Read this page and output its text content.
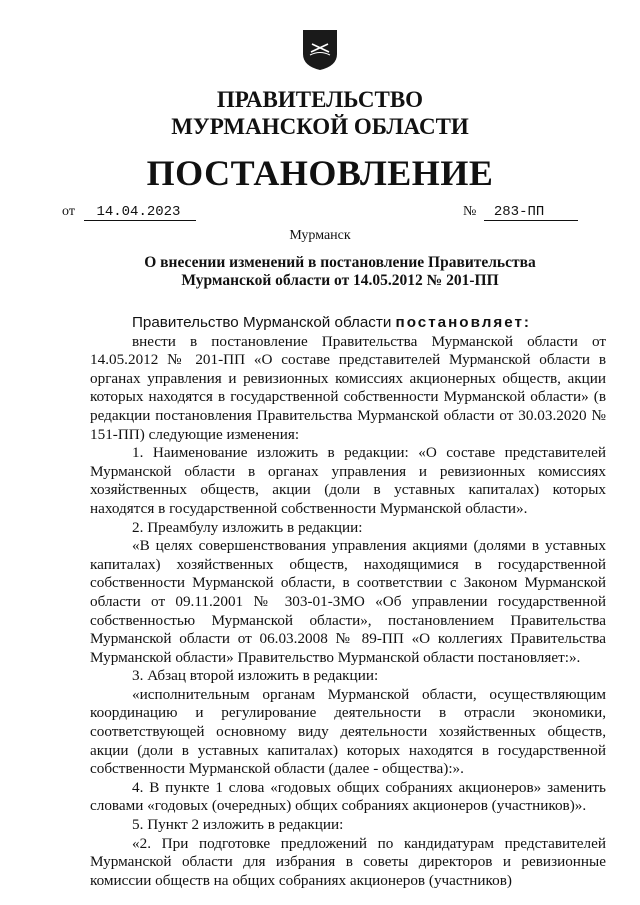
ПРАВИТЕЛЬСТВО
МУРМАНСКОЙ ОБЛАСТИ
ПОСТАНОВЛЕНИЕ
от 14.04.2023	№ 283-ПП
Мурманск
О внесении изменений в постановление Правительства
Мурманской области от 14.05.2012 № 201-ПП

Правительство Мурманской области постановляет:

внести в постановление Правительства Мурманской области от 14.05.2012 № 201-ПП «О составе представителей Мурманской области в органах управления и ревизионных комиссиях акционерных обществ, акции которых находятся в государственной собственности Мурманской области» (в редакции постановления Правительства Мурманской области от 30.03.2020 № 151-ПП) следующие изменения:

1. Наименование изложить в редакции: «О составе представителей Мурманской области в органах управления и ревизионных комиссиях хозяйственных обществ, акции (доли в уставных капиталах) которых находятся в государственной собственности Мурманской области».

2. Преамбулу изложить в редакции:

«В целях совершенствования управления акциями (долями в уставных капиталах) хозяйственных обществ, находящимися в государственной собственности Мурманской области, в соответствии с Законом Мурманской области от 09.11.2001 № 303-01-ЗМО «Об управлении государственной собственностью Мурманской области», постановлением Правительства Мурманской области от 06.03.2008 № 89-ПП «О коллегиях Правительства Мурманской области» Правительство Мурманской области постановляет:».

3. Абзац второй изложить в редакции:

«исполнительным органам Мурманской области, осуществляющим координацию и регулирование деятельности в отрасли экономики, соответствующей основному виду деятельности хозяйственных обществ, акции (доли в уставных капиталах) которых находятся в государственной собственности Мурманской области (далее - общества):».

4. В пункте 1 слова «годовых общих собраниях акционеров» заменить словами «годовых (очередных) общих собраниях акционеров (участников)».

5. Пункт 2 изложить в редакции:

«2. При подготовке предложений по кандидатурам представителей Мурманской области для избрания в советы директоров и ревизионные комиссии обществ на общих собраниях акционеров (участников)
